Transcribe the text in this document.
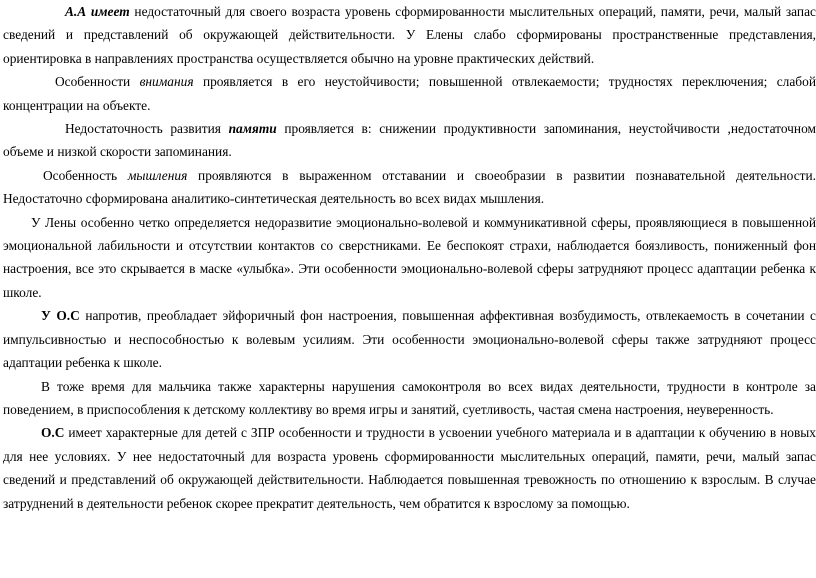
А.А имеет недостаточный для своего возраста уровень сформированности мыслительных операций, памяти, речи, малый запас сведений и представлений об окружающей действительности. У Елены слабо сформированы пространственные представления, ориентировка в направлениях пространства осуществляется обычно на уровне практических действий.

Особенности внимания проявляется в его неустойчивости; повышенной отвлекаемости; трудностях переключения; слабой концентрации на объекте.

Недостаточность развития памяти проявляется в: снижении продуктивности запоминания, неустойчивости ,недостаточном объеме и низкой скорости запоминания.

Особенность мышления проявляются в выраженном отставании и своеобразии в развитии познавательной деятельности. Недостаточно сформирована аналитико-синтетическая деятельность во всех видах мышления.

У Лены особенно четко определяется недоразвитие эмоционально-волевой и коммуникативной сферы, проявляющиеся в повышенной эмоциональной лабильности и отсутствии контактов со сверстниками. Ее беспокоят страхи, наблюдается боязливость, пониженный фон настроения, все это скрывается в маске «улыбка». Эти особенности эмоционально-волевой сферы затрудняют процесс адаптации ребенка к школе.

У О.С напротив, преобладает эйфоричный фон настроения, повышенная аффективная возбудимость, отвлекаемость в сочетании с импульсивностью и неспособностью к волевым усилиям. Эти особенности эмоционально-волевой сферы также затрудняют процесс адаптации ребенка к школе.

В тоже время для мальчика также характерны нарушения самоконтроля во всех видах деятельности, трудности в контроле за поведением, в приспособления к детскому коллективу во время игры и занятий, суетливость, частая смена настроения, неуверенность.

О.С имеет характерные для детей с ЗПР особенности и трудности в усвоении учебного материала и в адаптации к обучению в новых для нее условиях. У нее недостаточный для возраста уровень сформированности мыслительных операций, памяти, речи, малый запас сведений и представлений об окружающей действительности. Наблюдается повышенная тревожность по отношению к взрослым. В случае затруднений в деятельности ребенок скорее прекратит деятельность, чем обратится к взрослому за помощью.
